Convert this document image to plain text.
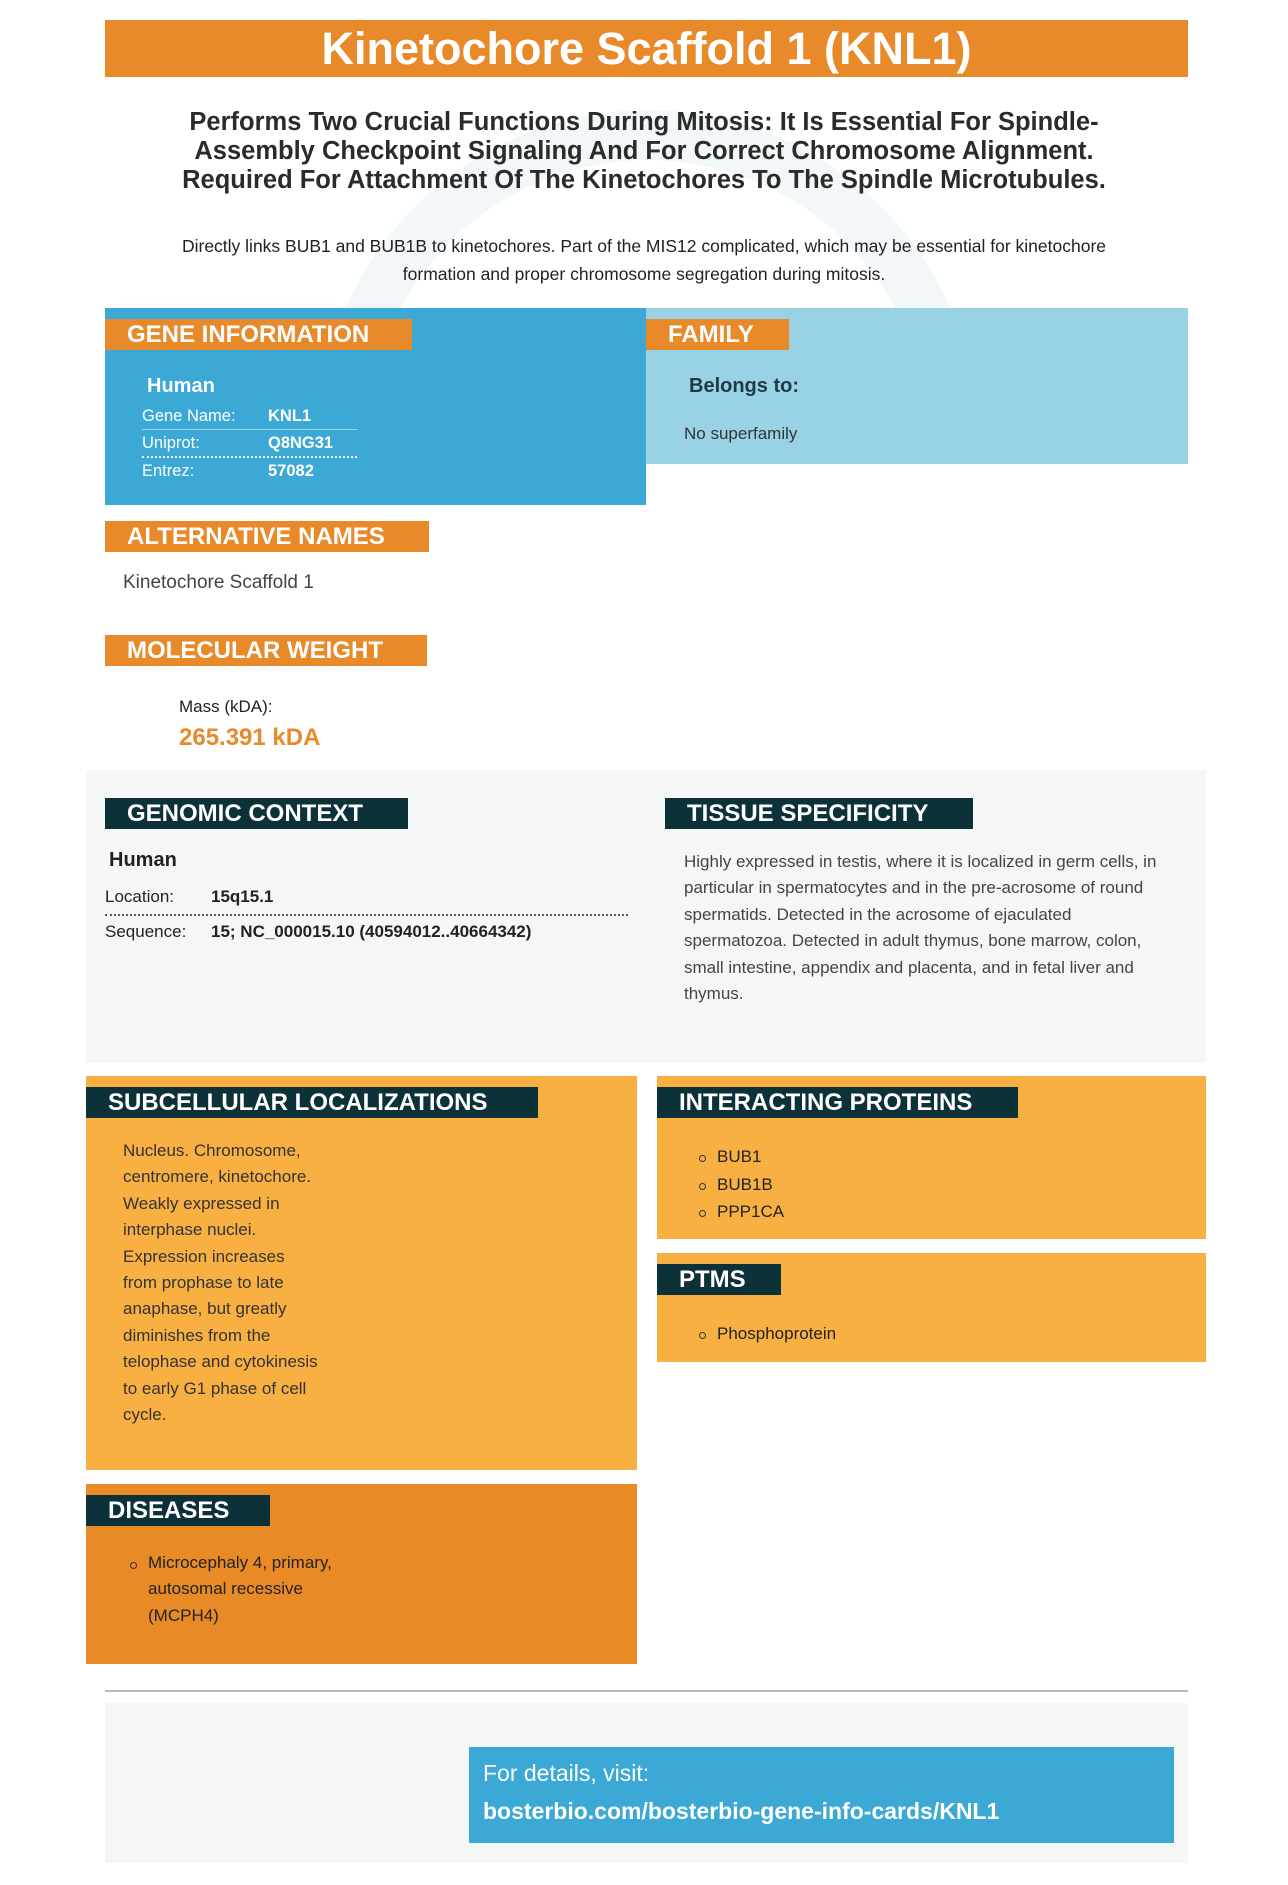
Kinetochore Scaffold 1 (KNL1)
Performs Two Crucial Functions During Mitosis: It Is Essential For Spindle-
Assembly Checkpoint Signaling And For Correct Chromosome Alignment.
Required For Attachment Of The Kinetochores To The Spindle Microtubules.
Directly links BUB1 and BUB1B to kinetochores. Part of the MIS12 complicated, which may be essential for kinetochore
formation and proper chromosome segregation during mitosis.
GENE INFORMATION
Human
Gene Name: KNL1
Uniprot:	Q8NG31
Entrez:	57082
FAMILY
Belongs to:
No superfamily
ALTERNATIVE NAMES
Kinetochore Scaffold 1
MOLECULAR WEIGHT
Mass (kDA):
265.391 kDA
GENOMIC CONTEXT
Human
Location: 15q15.1
Sequence: 15; NC_000015.10 (40594012..40664342)
TISSUE SPECIFICITY
Highly expressed in testis, where it is localized in germ cells, in
particular in spermatocytes and in the pre-acrosome of round
spermatids. Detected in the acrosome of ejaculated
spermatozoa. Detected in adult thymus, bone marrow, colon,
small intestine, appendix and placenta, and in fetal liver and
thymus.
SUBCELLULAR LOCALIZATIONS
Nucleus. Chromosome,
centromere, kinetochore.
Weakly expressed in
interphase nuclei.
Expression increases
from prophase to late
anaphase, but greatly
diminishes from the
telophase and cytokinesis
to early G1 phase of cell
cycle.
INTERACTING PROTEINS
BUB1
BUB1B
PPP1CA
PTMS
Phosphoprotein
DISEASES
Microcephaly 4, primary,
autosomal recessive
(MCPH4)
For details, visit:
bosterbio.com/bosterbio-gene-info-cards/KNL1
